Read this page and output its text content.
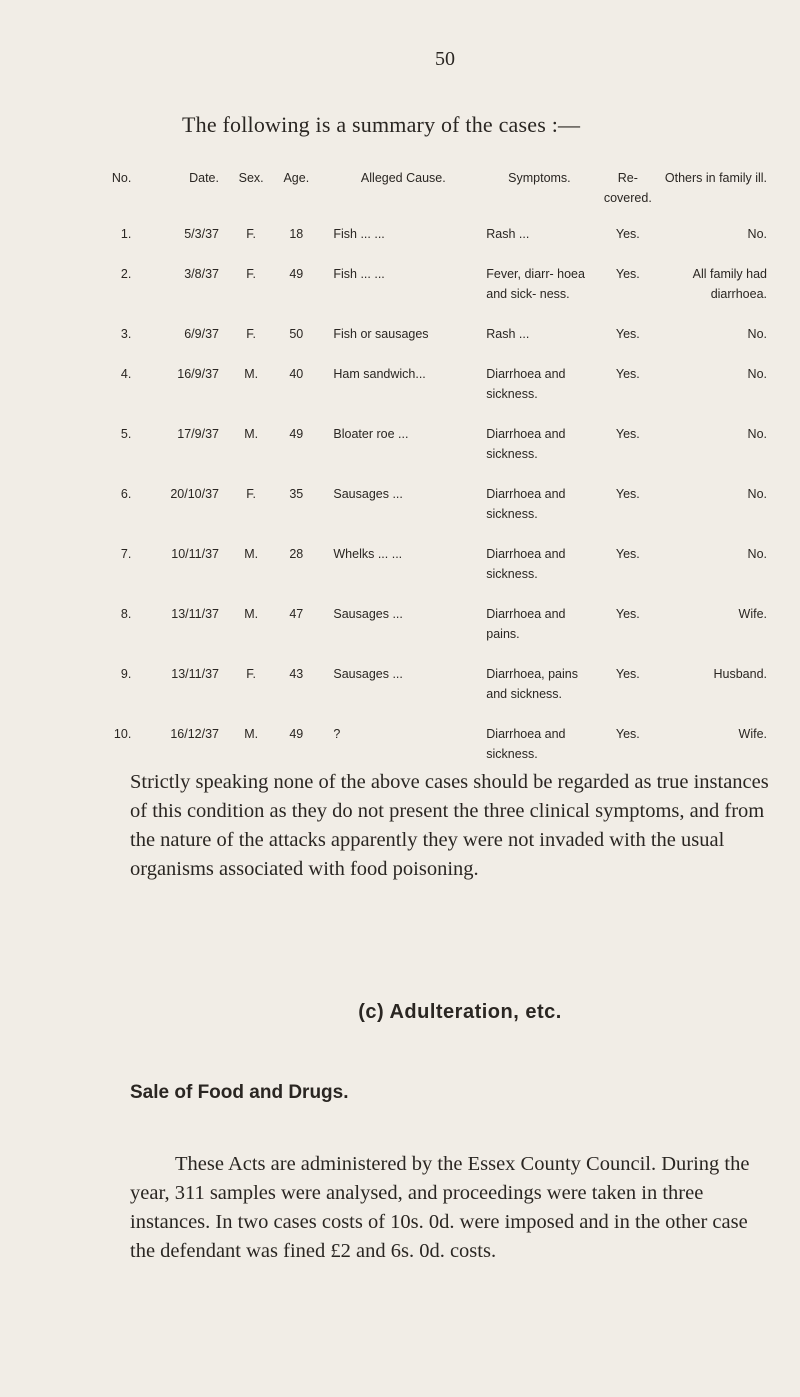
50
The following is a summary of the cases :—
No.	Date.	Sex.	Age.	Alleged Cause.	Symptoms.	Re- covered.	Others in family ill.
1.	5/3/37	F.	18	Fish ... ...	Rash ...	Yes.	No.
2.	3/8/37	F.	49	Fish ... ...	Fever, diarr- hoea and sick- ness.	Yes.	All family had diarrhoea.
3.	6/9/37	F.	50	Fish or sausages	Rash ...	Yes.	No.
4.	16/9/37	M.	40	Ham sandwich...	Diarrhoea and sickness.	Yes.	No.
5.	17/9/37	M.	49	Bloater roe ...	Diarrhoea and sickness.	Yes.	No.
6.	20/10/37	F.	35	Sausages ...	Diarrhoea and sickness.	Yes.	No.
7.	10/11/37	M.	28	Whelks ... ...	Diarrhoea and sickness.	Yes.	No.
8.	13/11/37	M.	47	Sausages ...	Diarrhoea and pains.	Yes.	Wife.
9.	13/11/37	F.	43	Sausages ...	Diarrhoea, pains and sickness.	Yes.	Husband.
10.	16/12/37	M.	49	?	Diarrhoea and sickness.	Yes.	Wife.
Strictly speaking none of the above cases should be regarded as true instances of this condition as they do not present the three clinical symptoms, and from the nature of the attacks apparently they were not invaded with the usual organisms associated with food poisoning.
(c) Adulteration, etc.
Sale of Food and Drugs.
These Acts are administered by the Essex County Council. During the year, 311 samples were analysed, and proceedings were taken in three instances. In two cases costs of 10s. 0d. were imposed and in the other case the defendant was fined £2 and 6s. 0d. costs.
